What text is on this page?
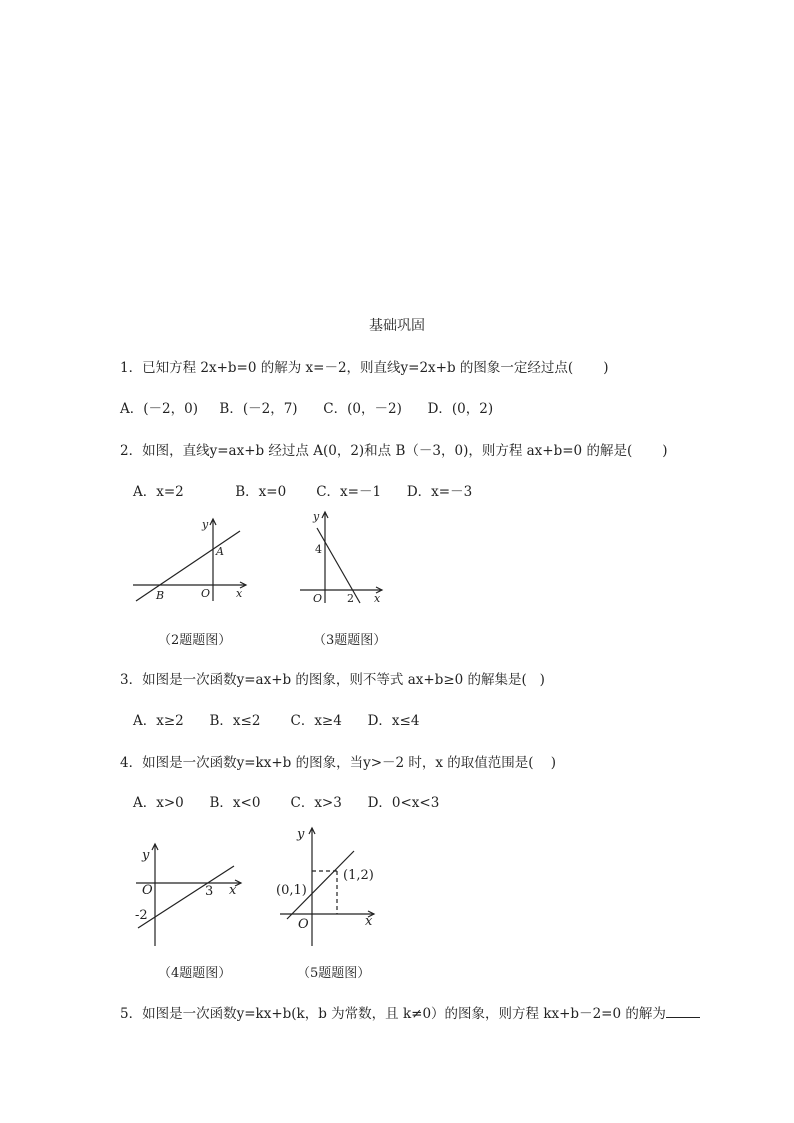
基础巩固
1．已知方程 2x+b=0 的解为 x=－2，则直线y=2x+b 的图象一定经过点(       )
A．(－2，0)     B．(－2，7)      C．(0，－2)      D．(0，2)
2．如图，直线y=ax+b 经过点 A(0，2)和点 B（－3，0)，则方程 ax+b=0 的解是(       )
A．x=2            B．x=0       C．x=－1      D．x=－3
y
x
A
B	O
（2题题图）
y
x
4
2
O
（3题题图）
3．如图是一次函数y=ax+b 的图象，则不等式 ax+b≥0 的解集是(   )
A．x≥2      B．x≤2       C．x≥4      D．x≤4
4．如图是一次函数y=kx+b 的图象，当y>－2 时，x 的取值范围是(    )
A．x>0      B．x<0       C．x>3      D．0<x<3
y
x
O	3
-2
（4题题图）
y
x
O
(0,1)
(1,2)
（5题题图）
5．如图是一次函数y=kx+b(k，b 为常数，且 k≠0）的图象，则方程 kx+b－2=0 的解为
